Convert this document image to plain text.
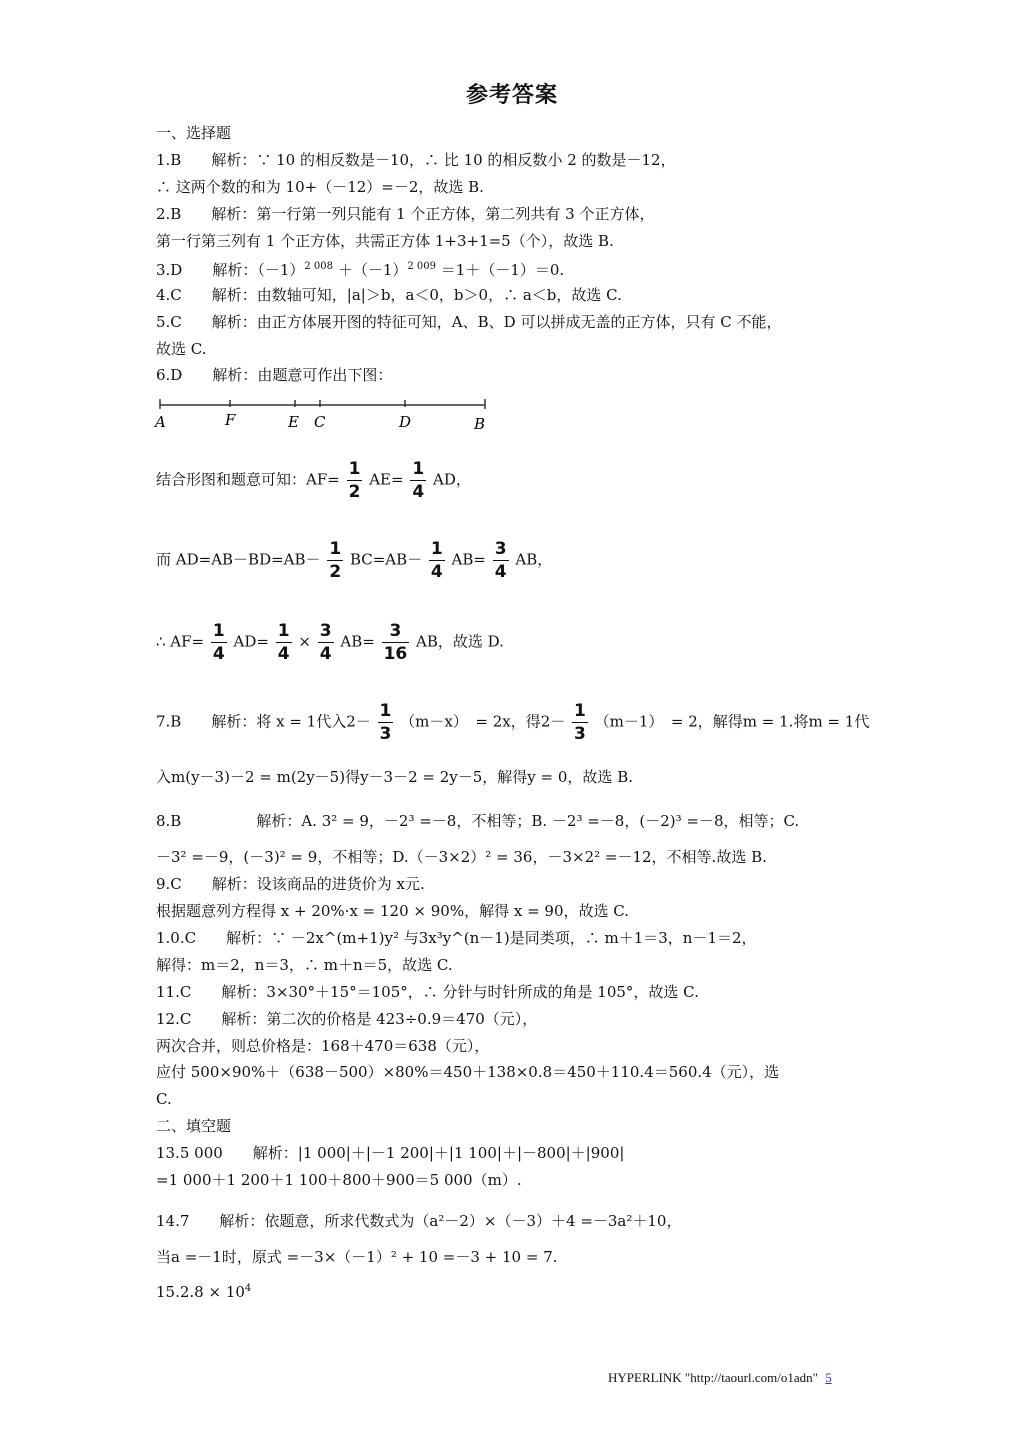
参考答案
一、选择题
1.B　　解析：∵ 10 的相反数是－10，∴ 比 10 的相反数小 2 的数是－12，
∴ 这两个数的和为 10+（－12）=－2，故选 B.
2.B　　解析：第一行第一列只能有 1 个正方体，第二列共有 3 个正方体，
第一行第三列有 1 个正方体，共需正方体 1+3+1=5（个），故选 B.
3.D　　解析：$(-1)^{2 008} +(-1)^{2 009} =1+(-1)=0$.
4.C　　解析：由数轴可知，|a|＞b，a＜0，b＞0，∴ a＜b，故选 C.
5.C　　解析：由正方体展开图的特征可知，A、B、D 可以拼成无盖的正方体，只有 C 不能，
故选 C.
6.D　　解析：由题意可作出下图：
A	F	E C	D	B
结合形图和题意可知：$AF= \frac{1}{2} AE= \frac{1}{4}$ AD，
而 $AD=AB-BD=AB- \frac{1}{2} BC=AB- \frac{1}{4} AB= \frac{3}{4}$ AB，
∴ $AF= \frac{1}{4} AD= \frac{1}{4} \times \frac{3}{4} AB= \frac{3}{16}$ AB，故选 D.
7.B　　解析：将 x = 1代入$2- \frac{1}{3} (m-x)$　= 2x，得$2- \frac{1}{3} (m-1)$　= 2，解得m = 1.将m = 1代
入m(y－3)－2 = m(2y－5)得y－3－2 = 2y－5，解得y = 0，故选 B.
8.B　　　　　解析：A. 3² = 9，－2³ =－8，不相等；B. －2³ =－8，(－2)³ =－8，相等；C.
－3² =－9，(－3)² = 9，不相等；D.（－3×2）² = 36，－3×2² =－12，不相等.故选 B.
9.C　　解析：设该商品的进货价为 x元.
根据题意列方程得 x + 20%·x = 120 × 90%，解得 x = 90，故选 C.
1.0.C　　解析：∵ －2x^(m+1)y² 与3x³y^(n－1)是同类项，∴ m＋1＝3，n－1＝2，
解得：m＝2，n＝3，∴ m＋n＝5，故选 C.
11.C　　解析：3×30°＋15°＝105°，∴ 分针与时针所成的角是 105°，故选 C.
12.C　　解析：第二次的价格是 423÷0.9＝470（元），
两次合并，则总价格是：168＋470＝638（元），
应付 500×90%＋（638－500）×80%＝450＋138×0.8＝450＋110.4＝560.4（元），选
C.
二、填空题
13.5 000　　解析：|1 000|＋|－1 200|＋|1 100|＋|－800|＋|900|
=1 000＋1 200＋1 100＋800＋900＝5 000（m）.
14.7　　解析：依题意，所求代数式为（a²－2）×（－3）＋4 =－3a²＋10，
当a =－1时，原式 =－3×（－1）² + 10 =－3 + 10 = 7.
$15.2.8 \times 10^4$
HYPERLINK "http://taourl.com/o1adn" 5
